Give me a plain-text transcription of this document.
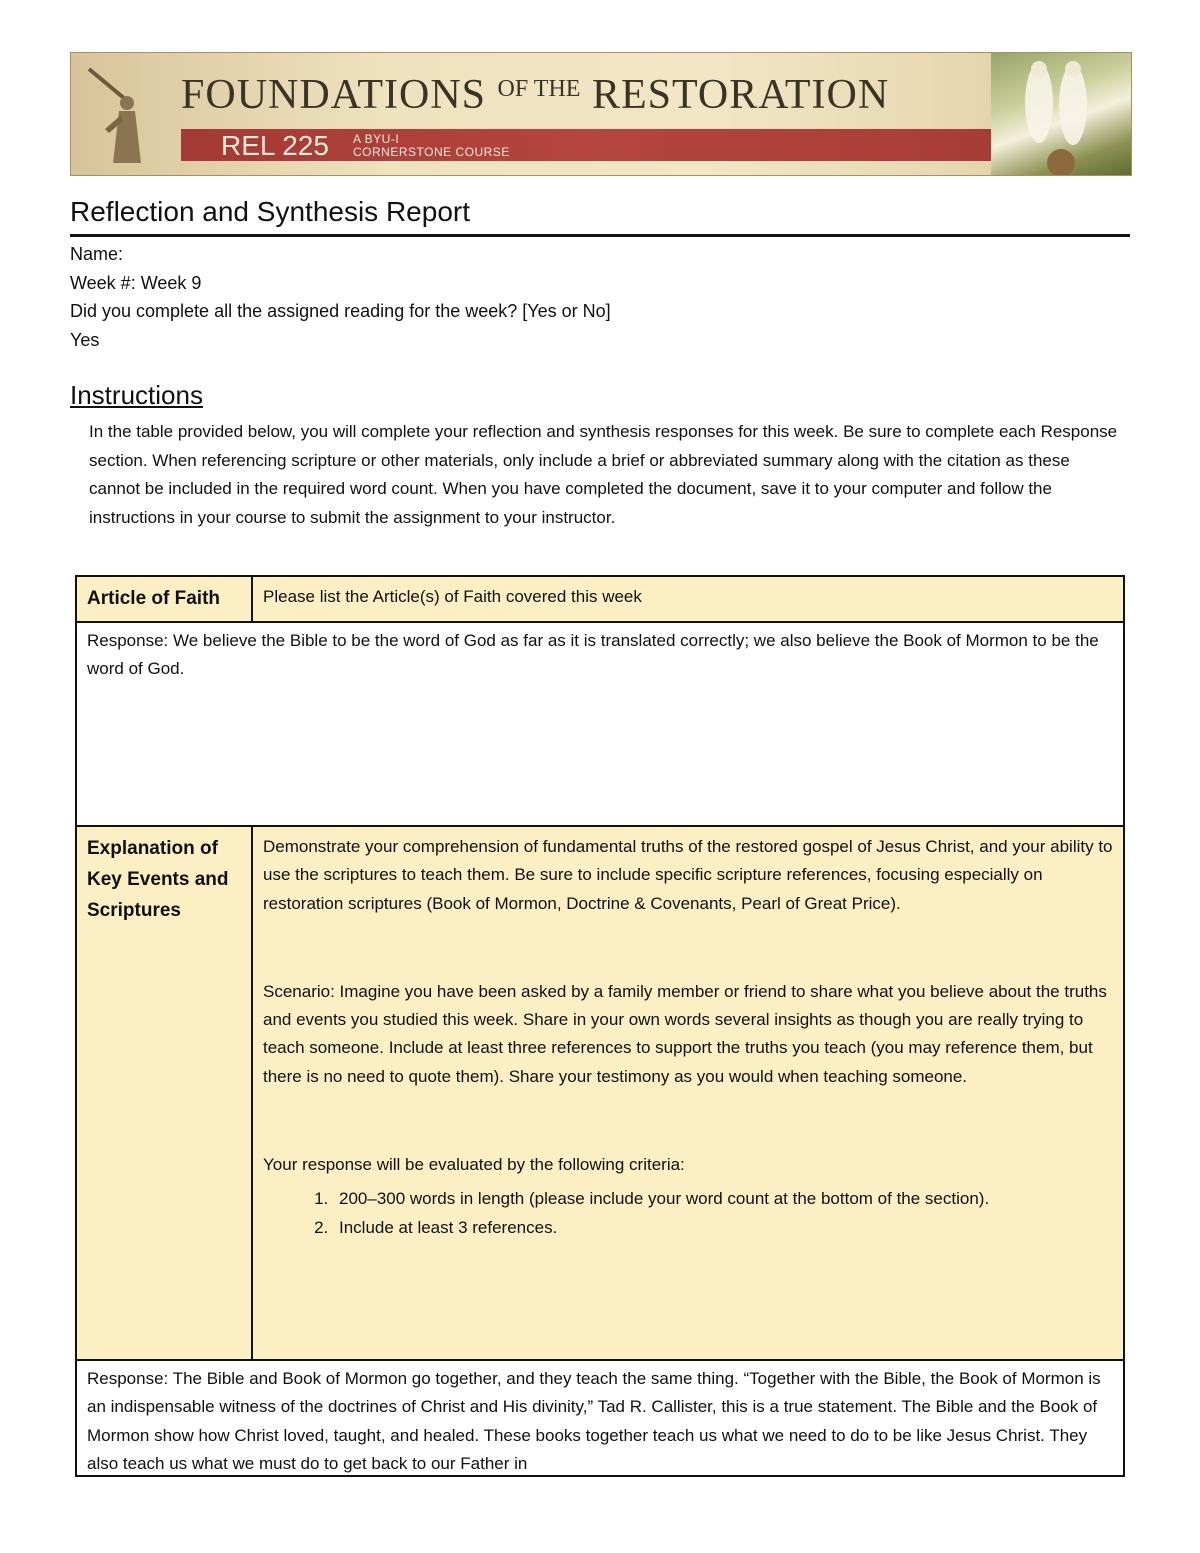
FOUNDATIONS $^{OF THE}$ RESTORATION
REL 225 A BYU-I
CORNERSTONE COURSE
Reflection and Synthesis Report
Name:
Week #: Week 9
Did you complete all the assigned reading for the week? [Yes or No]
Yes
Instructions
In the table provided below, you will complete your reflection and synthesis responses for this week. Be sure to complete each Response section. When referencing scripture or other materials, only include a brief or abbreviated summary along with the citation as these cannot be included in the required word count. When you have completed the document, save it to your computer and follow the instructions in your course to submit the assignment to your instructor.
Article of Faith	Please list the Article(s) of Faith covered this week
Response: We believe the Bible to be the word of God as far as it is translated correctly; we also believe the Book of Mormon to be the word of God.
Explanation of Key Events and Scriptures
Demonstrate your comprehension of fundamental truths of the restored gospel of Jesus Christ, and your ability to use the scriptures to teach them. Be sure to include specific scripture references, focusing especially on restoration scriptures (Book of Mormon, Doctrine & Covenants, Pearl of Great Price).
Scenario: Imagine you have been asked by a family member or friend to share what you believe about the truths and events you studied this week. Share in your own words several insights as though you are really trying to teach someone. Include at least three references to support the truths you teach (you may reference them, but there is no need to quote them). Share your testimony as you would when teaching someone.
Your response will be evaluated by the following criteria:
1. 200–300 words in length (please include your word count at the bottom of the section).
2. Include at least 3 references.
Response: The Bible and Book of Mormon go together, and they teach the same thing. “Together with the Bible, the Book of Mormon is an indispensable witness of the doctrines of Christ and His divinity,” Tad R. Callister, this is a true statement. The Bible and the Book of Mormon show how Christ loved, taught, and healed. These books together teach us what we need to do to be like Jesus Christ. They also teach us what we must do to get back to our Father in
